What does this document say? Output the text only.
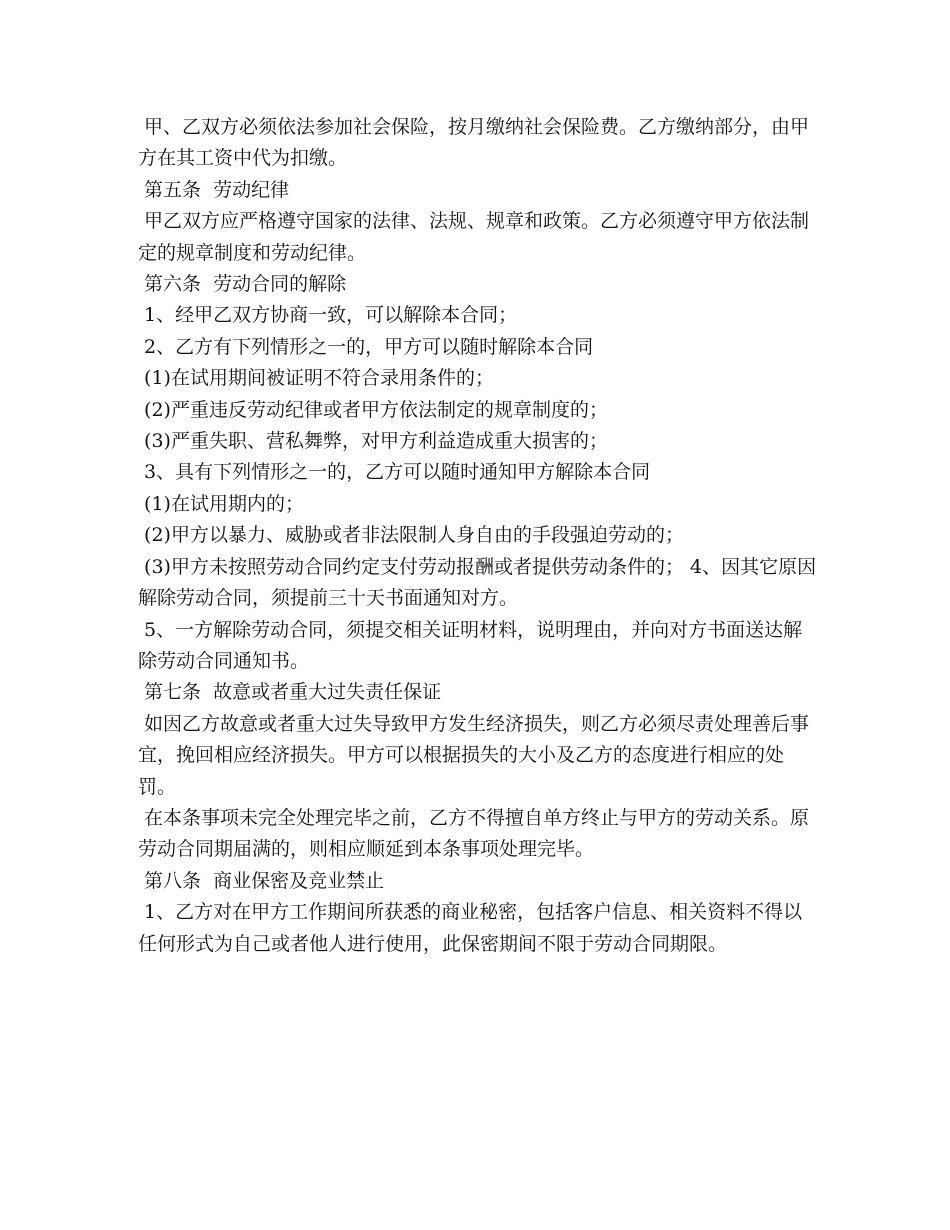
甲、乙双方必须依法参加社会保险，按月缴纳社会保险费。乙方缴纳部分，由甲方在其工资中代为扣缴。

第五条  劳动纪律

甲乙双方应严格遵守国家的法律、法规、规章和政策。乙方必须遵守甲方依法制定的规章制度和劳动纪律。

第六条  劳动合同的解除

1、经甲乙双方协商一致，可以解除本合同；

2、乙方有下列情形之一的，甲方可以随时解除本合同

(1)在试用期间被证明不符合录用条件的；

(2)严重违反劳动纪律或者甲方依法制定的规章制度的；

(3)严重失职、营私舞弊，对甲方利益造成重大损害的；

3、具有下列情形之一的，乙方可以随时通知甲方解除本合同

(1)在试用期内的；

(2)甲方以暴力、威胁或者非法限制人身自由的手段强迫劳动的；

(3)甲方未按照劳动合同约定支付劳动报酬或者提供劳动条件的； 4、因其它原因解除劳动合同，须提前三十天书面通知对方。

5、一方解除劳动合同，须提交相关证明材料，说明理由，并向对方书面送达解除劳动合同通知书。

第七条  故意或者重大过失责任保证

如因乙方故意或者重大过失导致甲方发生经济损失，则乙方必须尽责处理善后事宜，挽回相应经济损失。甲方可以根据损失的大小及乙方的态度进行相应的处罚。

在本条事项未完全处理完毕之前，乙方不得擅自单方终止与甲方的劳动关系。原劳动合同期届满的，则相应顺延到本条事项处理完毕。

第八条  商业保密及竞业禁止

1、乙方对在甲方工作期间所获悉的商业秘密，包括客户信息、相关资料不得以任何形式为自己或者他人进行使用，此保密期间不限于劳动合同期限。
